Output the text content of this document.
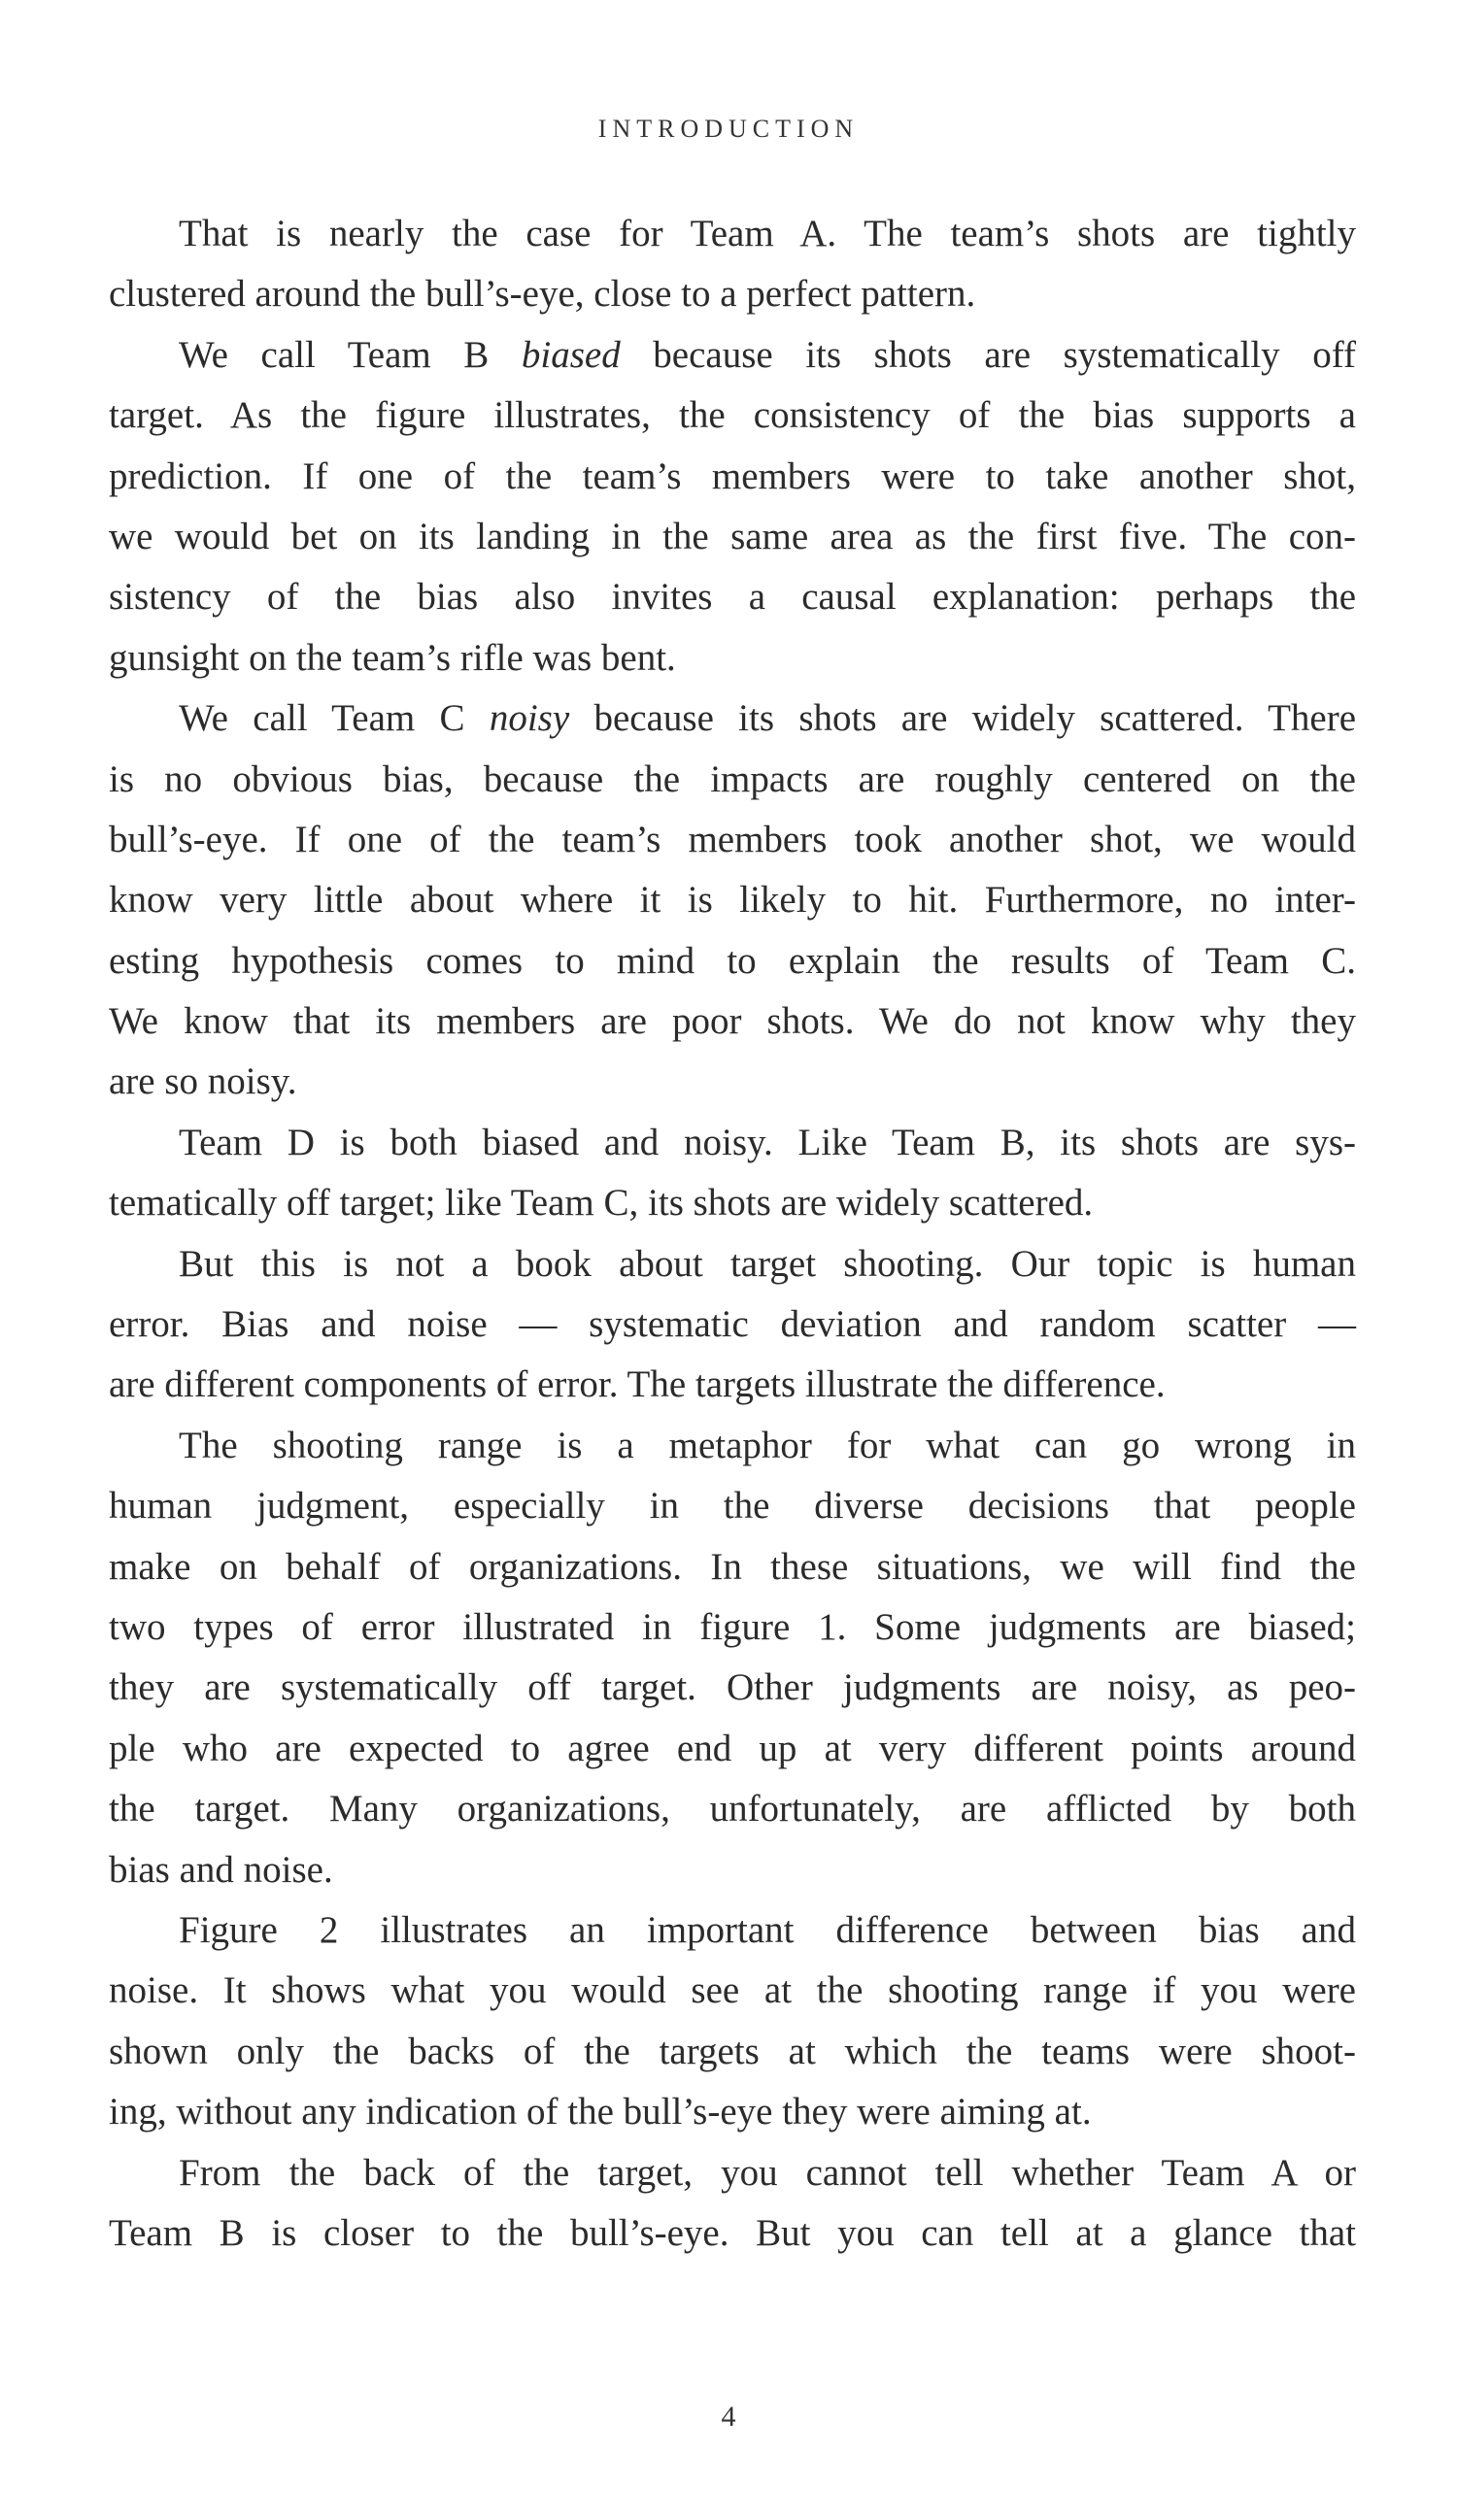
INTRODUCTION
That is nearly the case for Team A. The team’s shots are tightly
clustered around the bull’s-eye, close to a perfect pattern.
We call Team B biased because its shots are systematically off
target. As the figure illustrates, the consistency of the bias supports a
prediction. If one of the team’s members were to take another shot,
we would bet on its landing in the same area as the first five. The con-
sistency of the bias also invites a causal explanation: perhaps the
gunsight on the team’s rifle was bent.
We call Team C noisy because its shots are widely scattered. There
is no obvious bias, because the impacts are roughly centered on the
bull’s-eye. If one of the team’s members took another shot, we would
know very little about where it is likely to hit. Furthermore, no inter-
esting hypothesis comes to mind to explain the results of Team C.
We know that its members are poor shots. We do not know why they
are so noisy.
Team D is both biased and noisy. Like Team B, its shots are sys-
tematically off target; like Team C, its shots are widely scattered.
But this is not a book about target shooting. Our topic is human
error. Bias and noise — systematic deviation and random scatter —
are different components of error. The targets illustrate the difference.
The shooting range is a metaphor for what can go wrong in
human judgment, especially in the diverse decisions that people
make on behalf of organizations. In these situations, we will find the
two types of error illustrated in figure 1. Some judgments are biased;
they are systematically off target. Other judgments are noisy, as peo-
ple who are expected to agree end up at very different points around
the target. Many organizations, unfortunately, are afflicted by both
bias and noise.
Figure 2 illustrates an important difference between bias and
noise. It shows what you would see at the shooting range if you were
shown only the backs of the targets at which the teams were shoot-
ing, without any indication of the bull’s-eye they were aiming at.
From the back of the target, you cannot tell whether Team A or
Team B is closer to the bull’s-eye. But you can tell at a glance that
4
